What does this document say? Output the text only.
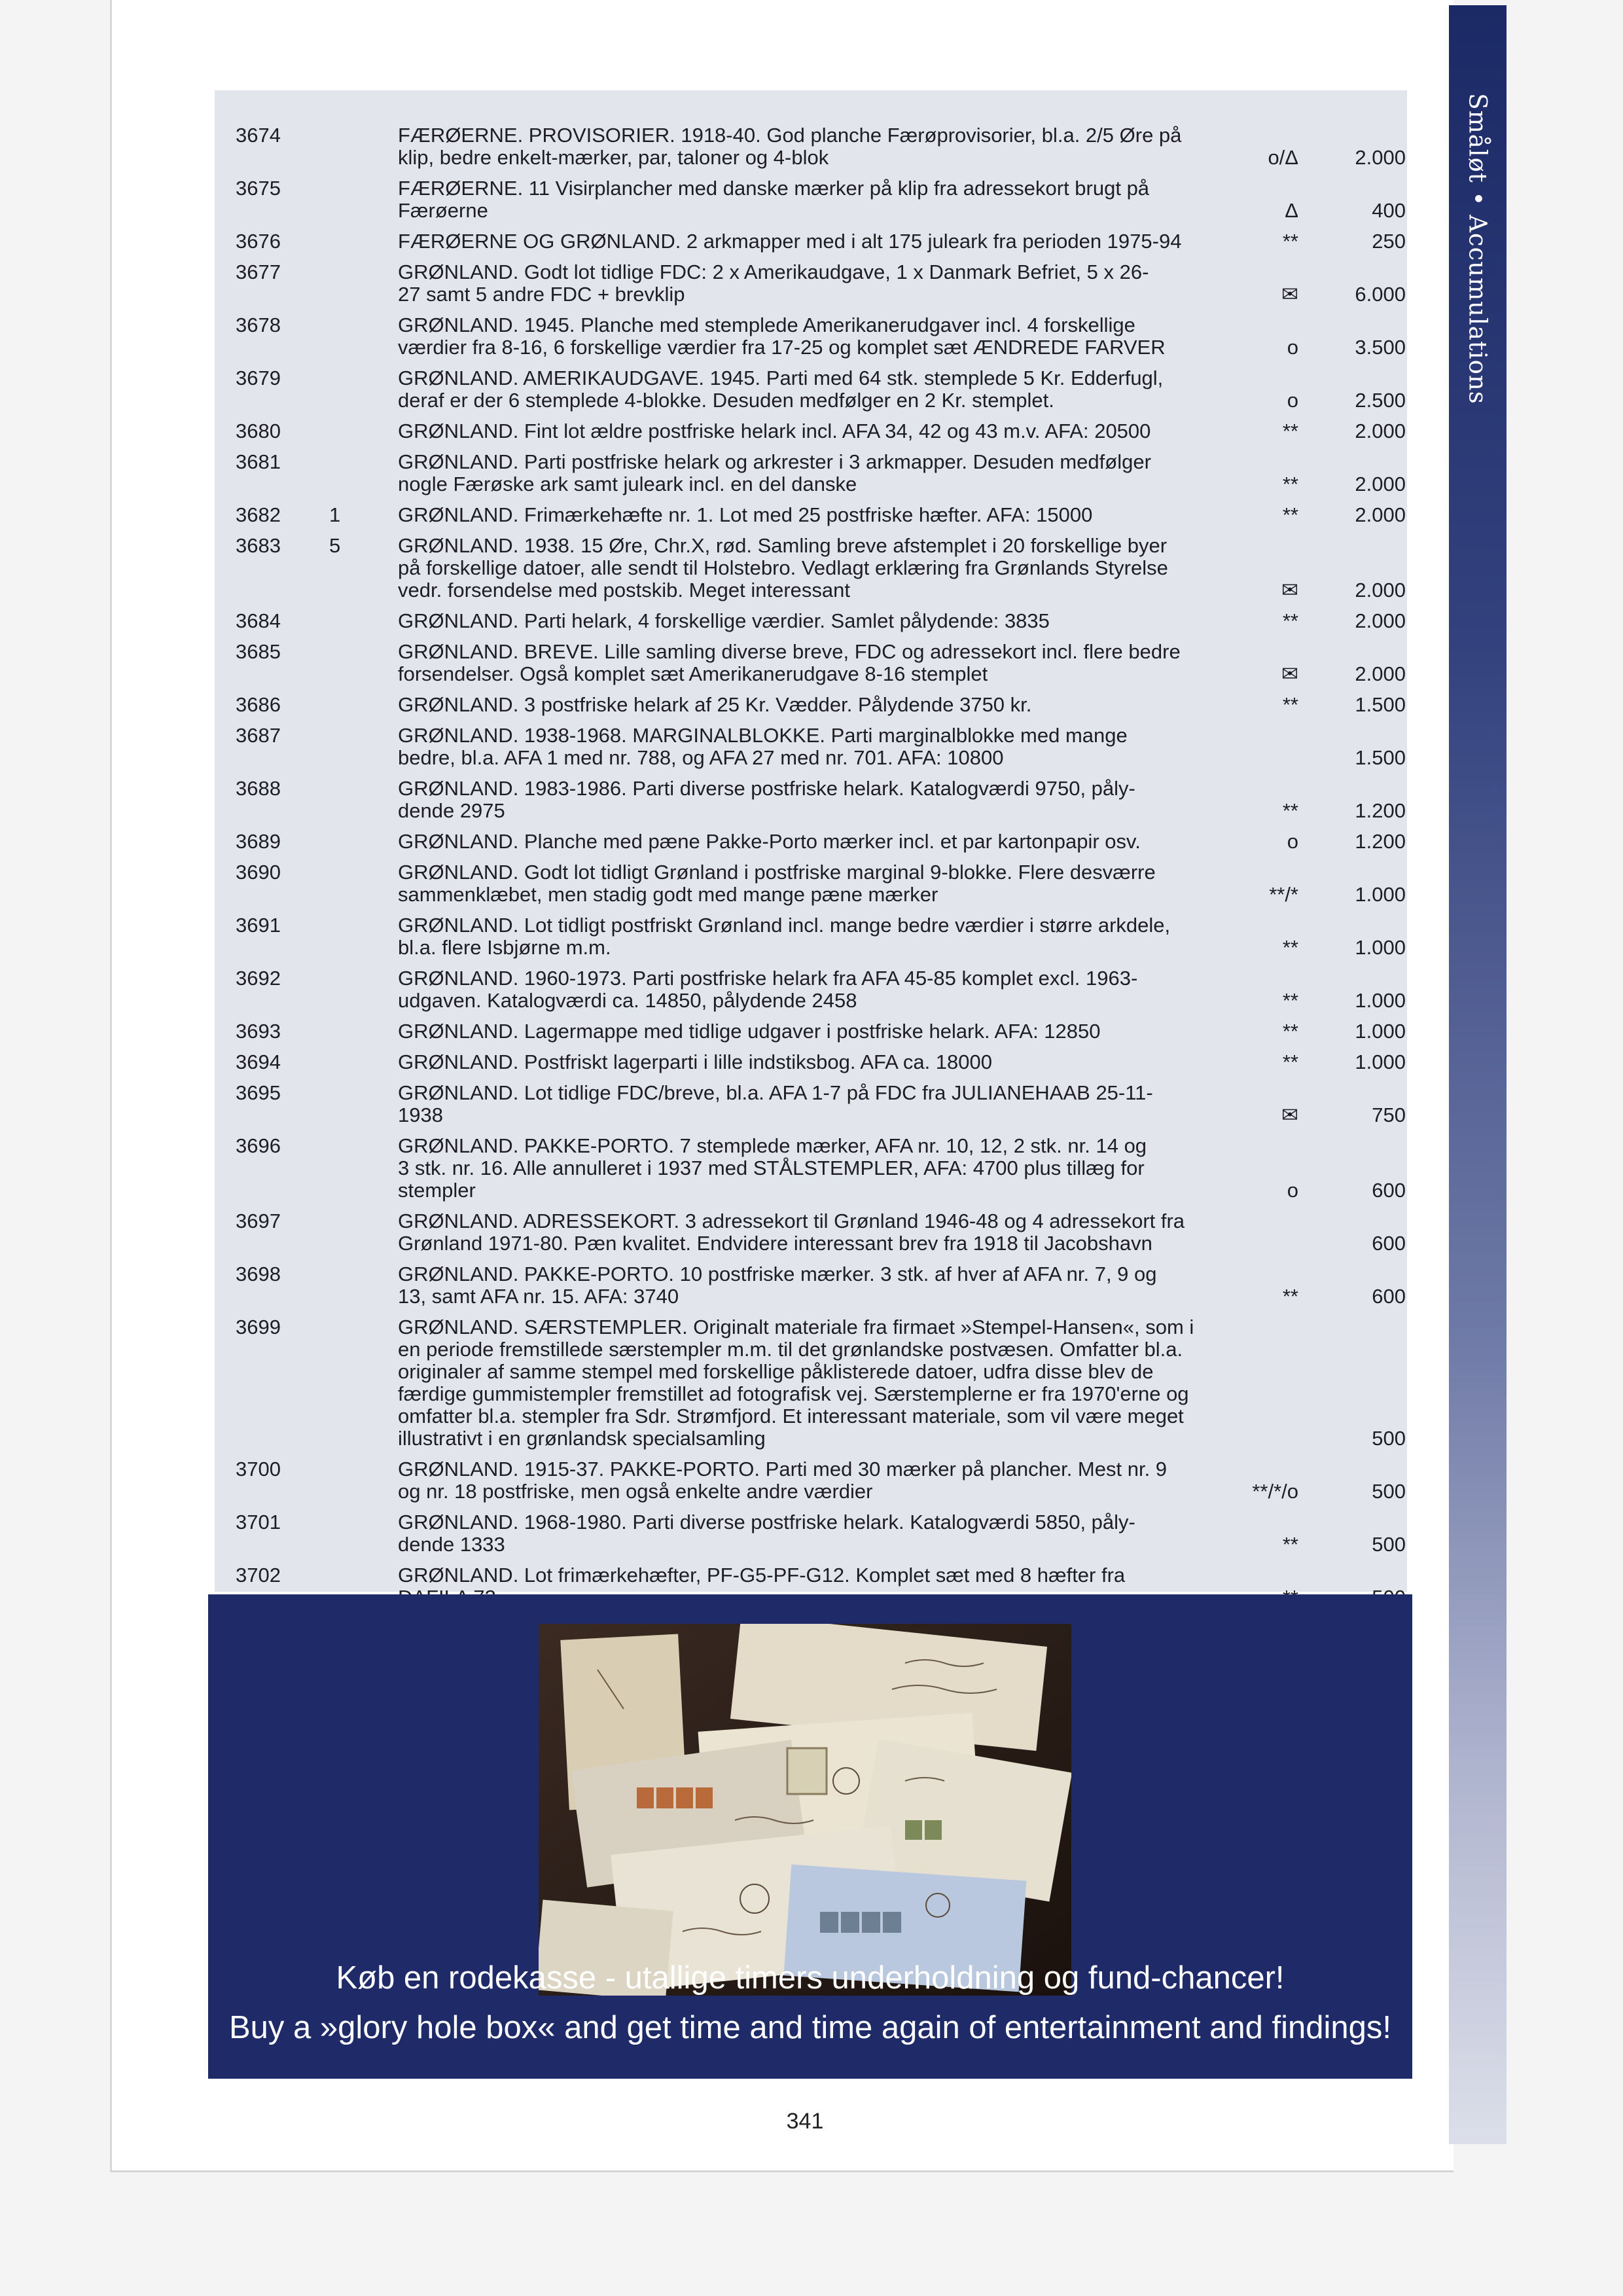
Småløt • Accumulations
3674	FÆRØERNE. PROVISORIER. 1918-40. God planche Færøprovisorier, bl.a. 2/5 Øre på
klip, bedre enkelt-mærker, par, taloner og 4-blok	o/Δ	2.000
3675	FÆRØERNE. 11 Visirplancher med danske mærker på klip fra adressekort brugt på
Færøerne	Δ	400
3676	FÆRØERNE OG GRØNLAND. 2 arkmapper med i alt 175 juleark fra perioden 1975-94	**	250
3677	GRØNLAND. Godt lot tidlige FDC: 2 x Amerikaudgave, 1 x Danmark Befriet, 5 x 26-
27 samt 5 andre FDC + brevklip	✉	6.000
3678	GRØNLAND. 1945. Planche med stemplede Amerikanerudgaver incl. 4 forskellige
værdier fra 8-16, 6 forskellige værdier fra 17-25 og komplet sæt ÆNDREDE FARVER	o	3.500
3679	GRØNLAND. AMERIKAUDGAVE. 1945. Parti med 64 stk. stemplede 5 Kr. Edderfugl,
deraf er der 6 stemplede 4-blokke. Desuden medfølger en 2 Kr. stemplet.	o	2.500
3680	GRØNLAND. Fint lot ældre postfriske helark incl. AFA 34, 42 og 43 m.v. AFA: 20500	**	2.000
3681	GRØNLAND. Parti postfriske helark og arkrester i 3 arkmapper. Desuden medfølger
nogle Færøske ark samt juleark incl. en del danske	**	2.000
3682	1	GRØNLAND. Frimærkehæfte nr. 1. Lot med 25 postfriske hæfter. AFA: 15000	**	2.000
3683	5	GRØNLAND. 1938. 15 Øre, Chr.X, rød. Samling breve afstemplet i 20 forskellige byer
på forskellige datoer, alle sendt til Holstebro. Vedlagt erklæring fra Grønlands Styrelse
vedr. forsendelse med postskib. Meget interessant	✉	2.000
3684	GRØNLAND. Parti helark, 4 forskellige værdier. Samlet pålydende: 3835	**	2.000
3685	GRØNLAND. BREVE. Lille samling diverse breve, FDC og adressekort incl. flere bedre
forsendelser. Også komplet sæt Amerikanerudgave 8-16 stemplet	✉	2.000
3686	GRØNLAND. 3 postfriske helark af 25 Kr. Vædder. Pålydende 3750 kr.	**	1.500
3687	GRØNLAND. 1938-1968. MARGINALBLOKKE. Parti marginalblokke med mange
bedre, bl.a. AFA 1 med nr. 788, og AFA 27 med nr. 701. AFA: 10800	1.500
3688	GRØNLAND. 1983-1986. Parti diverse postfriske helark. Katalogværdi 9750, påly-
dende 2975	**	1.200
3689	GRØNLAND. Planche med pæne Pakke-Porto mærker incl. et par kartonpapir osv.	o	1.200
3690	GRØNLAND. Godt lot tidligt Grønland i postfriske marginal 9-blokke. Flere desværre
sammenklæbet, men stadig godt med mange pæne mærker	**/*	1.000
3691	GRØNLAND. Lot tidligt postfriskt Grønland incl. mange bedre værdier i større arkdele,
bl.a. flere Isbjørne m.m.	**	1.000
3692	GRØNLAND. 1960-1973. Parti postfriske helark fra AFA 45-85 komplet excl. 1963-
udgaven. Katalogværdi ca. 14850, pålydende 2458	**	1.000
3693	GRØNLAND. Lagermappe med tidlige udgaver i postfriske helark. AFA: 12850	**	1.000
3694	GRØNLAND. Postfriskt lagerparti i lille indstiksbog. AFA ca. 18000	**	1.000
3695	GRØNLAND. Lot tidlige FDC/breve, bl.a. AFA 1-7 på FDC fra JULIANEHAAB 25-11-
1938	✉	750
3696	GRØNLAND. PAKKE-PORTO. 7 stemplede mærker, AFA nr. 10, 12, 2 stk. nr. 14 og
3 stk. nr. 16. Alle annulleret i 1937 med STÅLSTEMPLER, AFA: 4700 plus tillæg for
stempler	o	600
3697	GRØNLAND. ADRESSEKORT. 3 adressekort til Grønland 1946-48 og 4 adressekort fra
Grønland 1971-80. Pæn kvalitet. Endvidere interessant brev fra 1918 til Jacobshavn	600
3698	GRØNLAND. PAKKE-PORTO. 10 postfriske mærker. 3 stk. af hver af AFA nr. 7, 9 og
13, samt AFA nr. 15. AFA: 3740	**	600
3699	GRØNLAND. SÆRSTEMPLER. Originalt materiale fra firmaet »Stempel-Hansen«, som i
en periode fremstillede særstempler m.m. til det grønlandske postvæsen. Omfatter bl.a.
originaler af samme stempel med forskellige påklisterede datoer, udfra disse blev de
færdige gummistempler fremstillet ad fotografisk vej. Særstemplerne er fra 1970'erne og
omfatter bl.a. stempler fra Sdr. Strømfjord. Et interessant materiale, som vil være meget
illustrativt i en grønlandsk specialsamling	500
3700	GRØNLAND. 1915-37. PAKKE-PORTO. Parti med 30 mærker på plancher. Mest nr. 9
og nr. 18 postfriske, men også enkelte andre værdier	**/*/o	500
3701	GRØNLAND. 1968-1980. Parti diverse postfriske helark. Katalogværdi 5850, påly-
dende 1333	**	500
3702	GRØNLAND. Lot frimærkehæfter, PF-G5-PF-G12. Komplet sæt med 8 hæfter fra
Køb en rodekasse - utallige timers underholdning og fund-chancer!
Buy a »glory hole box« and get time and time again of entertainment and findings!
341
